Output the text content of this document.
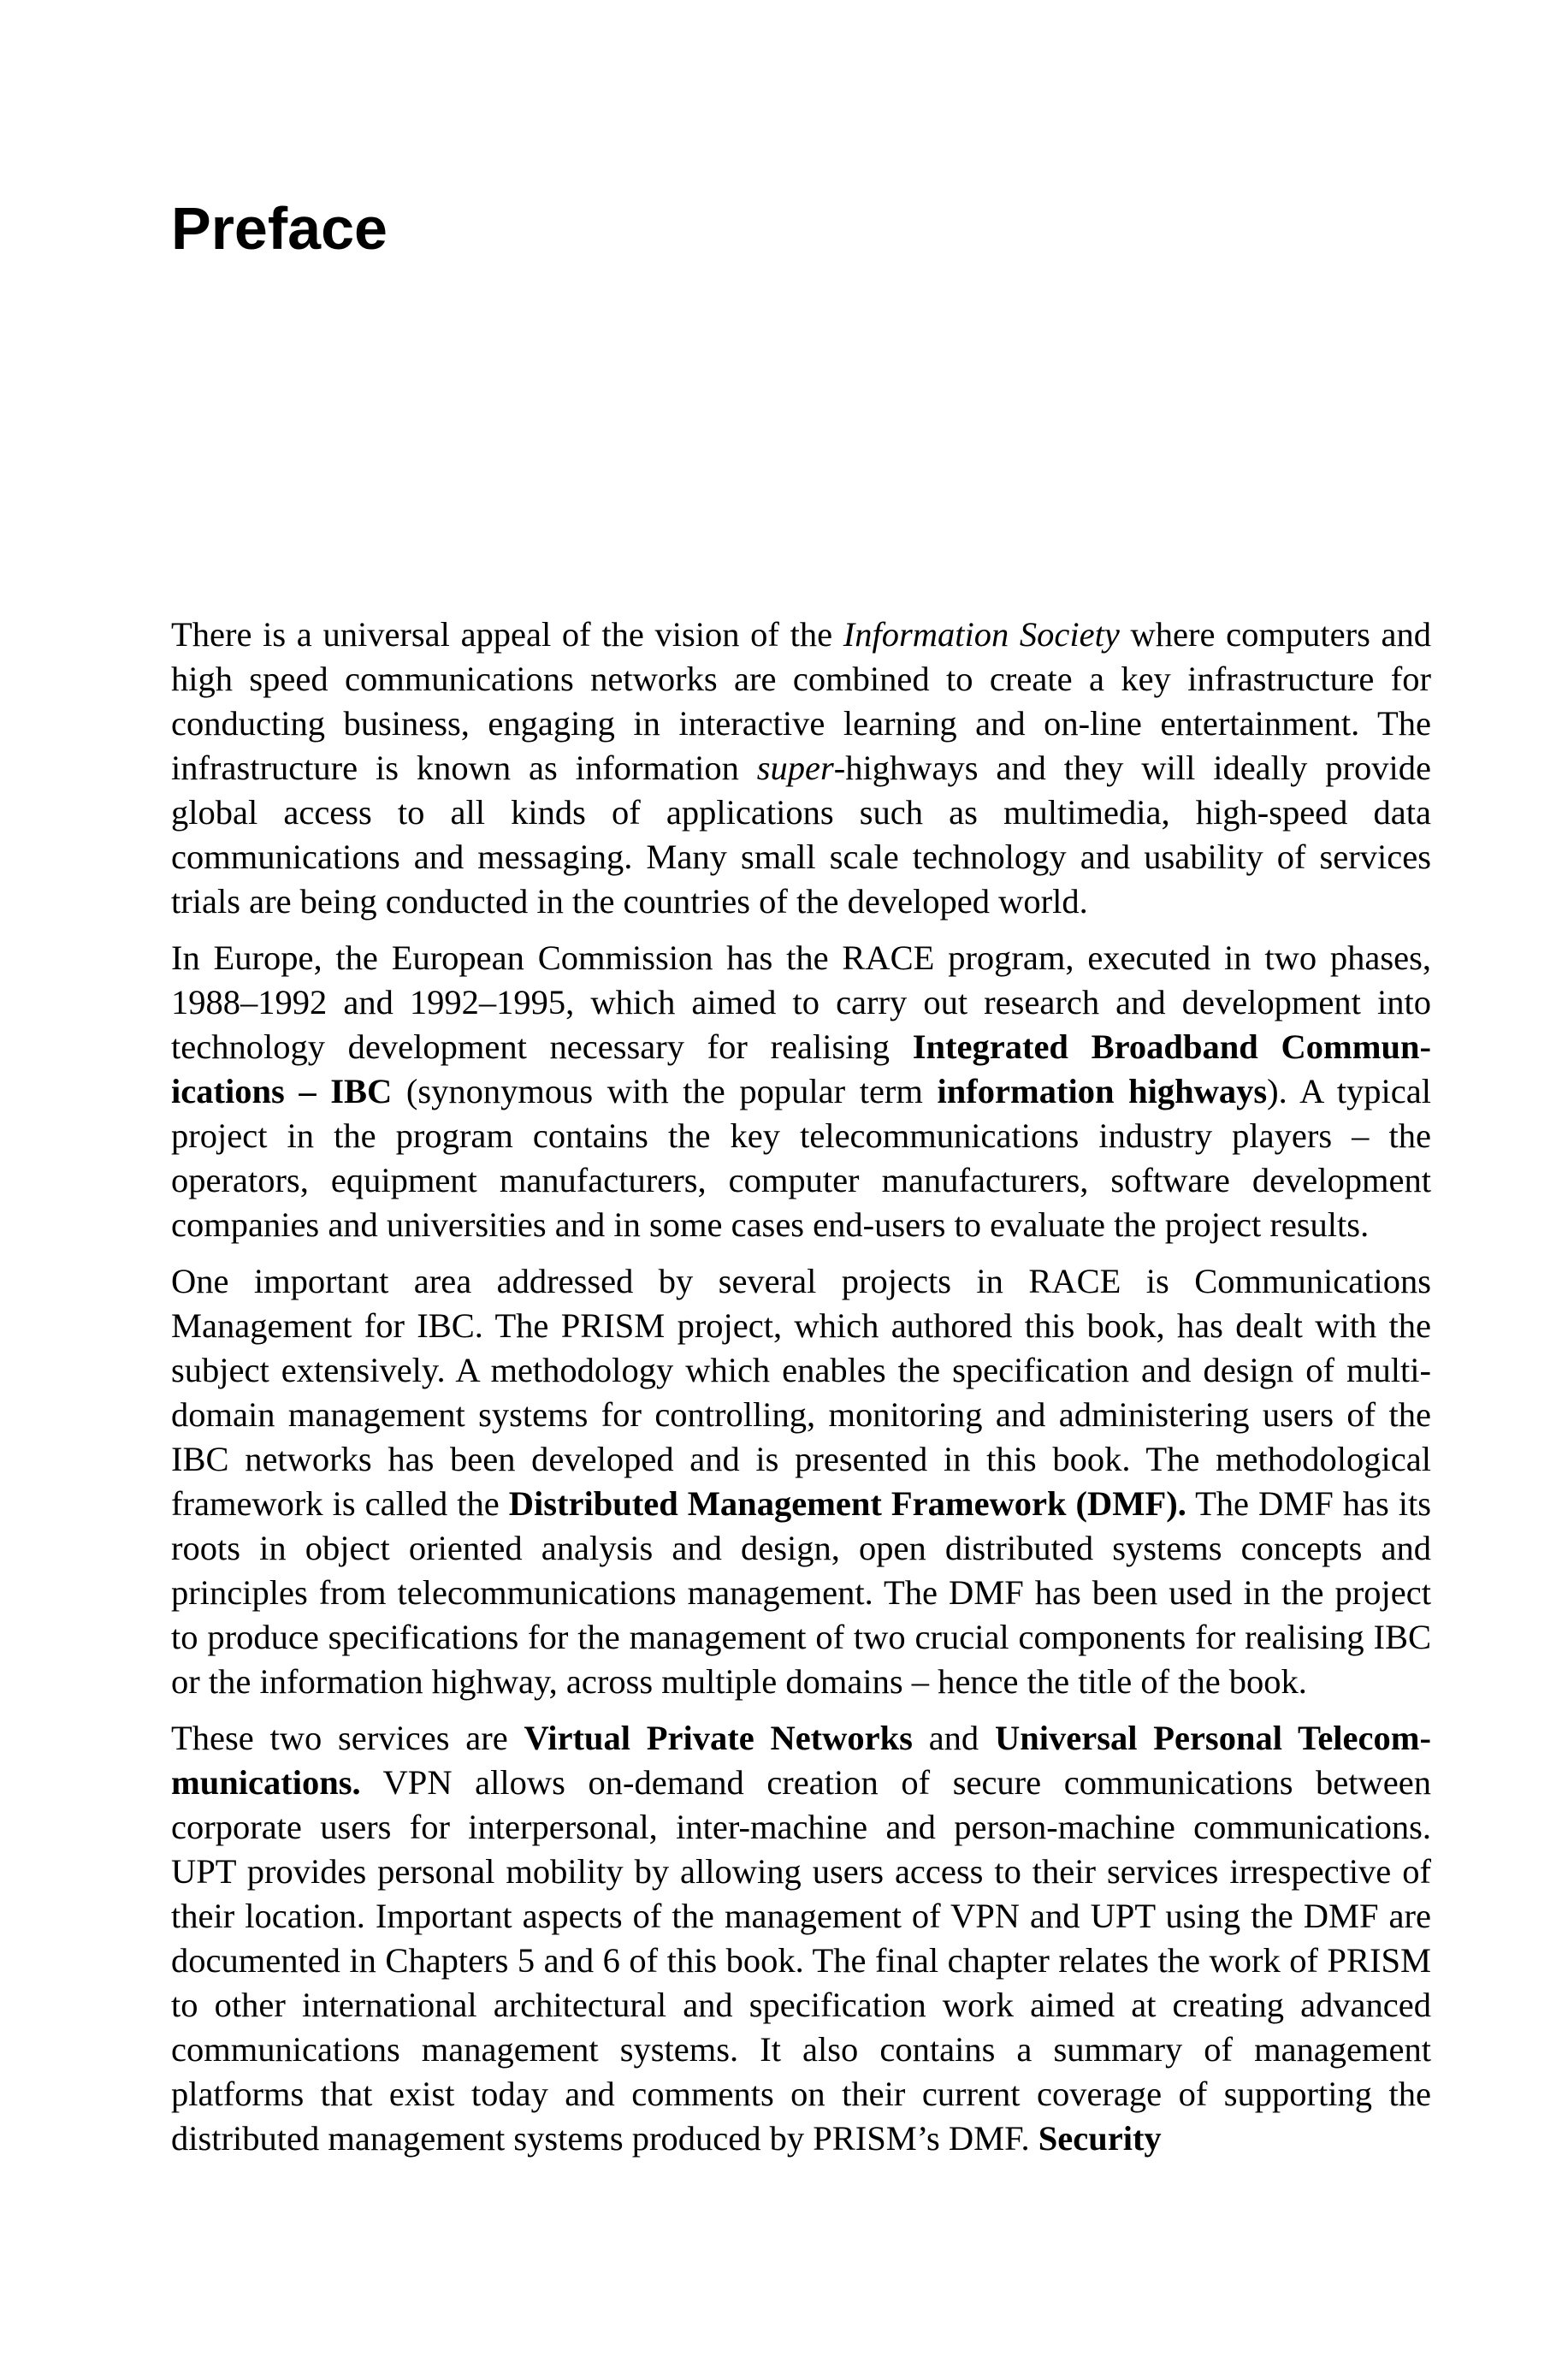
Preface

There is a universal appeal of the vision of the Information Society where computers and high speed communications networks are combined to create a key infrastructure for conducting business, engaging in interactive learning and on-line entertainment. The infrastructure is known as information super-highways and they will ideally provide global access to all kinds of applications such as multimedia, high-speed data communications and messaging. Many small scale technology and usability of services trials are being conducted in the countries of the developed world.

In Europe, the European Commission has the RACE program, executed in two phases, 1988–1992 and 1992–1995, which aimed to carry out research and development into technology development necessary for realising Integrated Broadband Communications – IBC (synonymous with the popular term information highways). A typical project in the program contains the key telecommunications industry players – the operators, equipment manufacturers, computer manufacturers, software development companies and universities and in some cases end-users to evaluate the project results.

One important area addressed by several projects in RACE is Communications Management for IBC. The PRISM project, which authored this book, has dealt with the subject extensively. A methodology which enables the specification and design of multi-domain management systems for controlling, monitoring and administering users of the IBC networks has been developed and is presented in this book. The methodological framework is called the Distributed Management Framework (DMF). The DMF has its roots in object oriented analysis and design, open distributed systems concepts and principles from telecommunications management. The DMF has been used in the project to produce specifications for the management of two crucial components for realising IBC or the information highway, across multiple domains – hence the title of the book.

These two services are Virtual Private Networks and Universal Personal Telecommunications. VPN allows on-demand creation of secure communications between corporate users for interpersonal, inter-machine and person-machine communications. UPT provides personal mobility by allowing users access to their services irrespective of their location. Important aspects of the management of VPN and UPT using the DMF are documented in Chapters 5 and 6 of this book. The final chapter relates the work of PRISM to other international architectural and specification work aimed at creating advanced communications management systems. It also contains a summary of management platforms that exist today and comments on their current coverage of supporting the distributed management systems produced by PRISM’s DMF. Security
